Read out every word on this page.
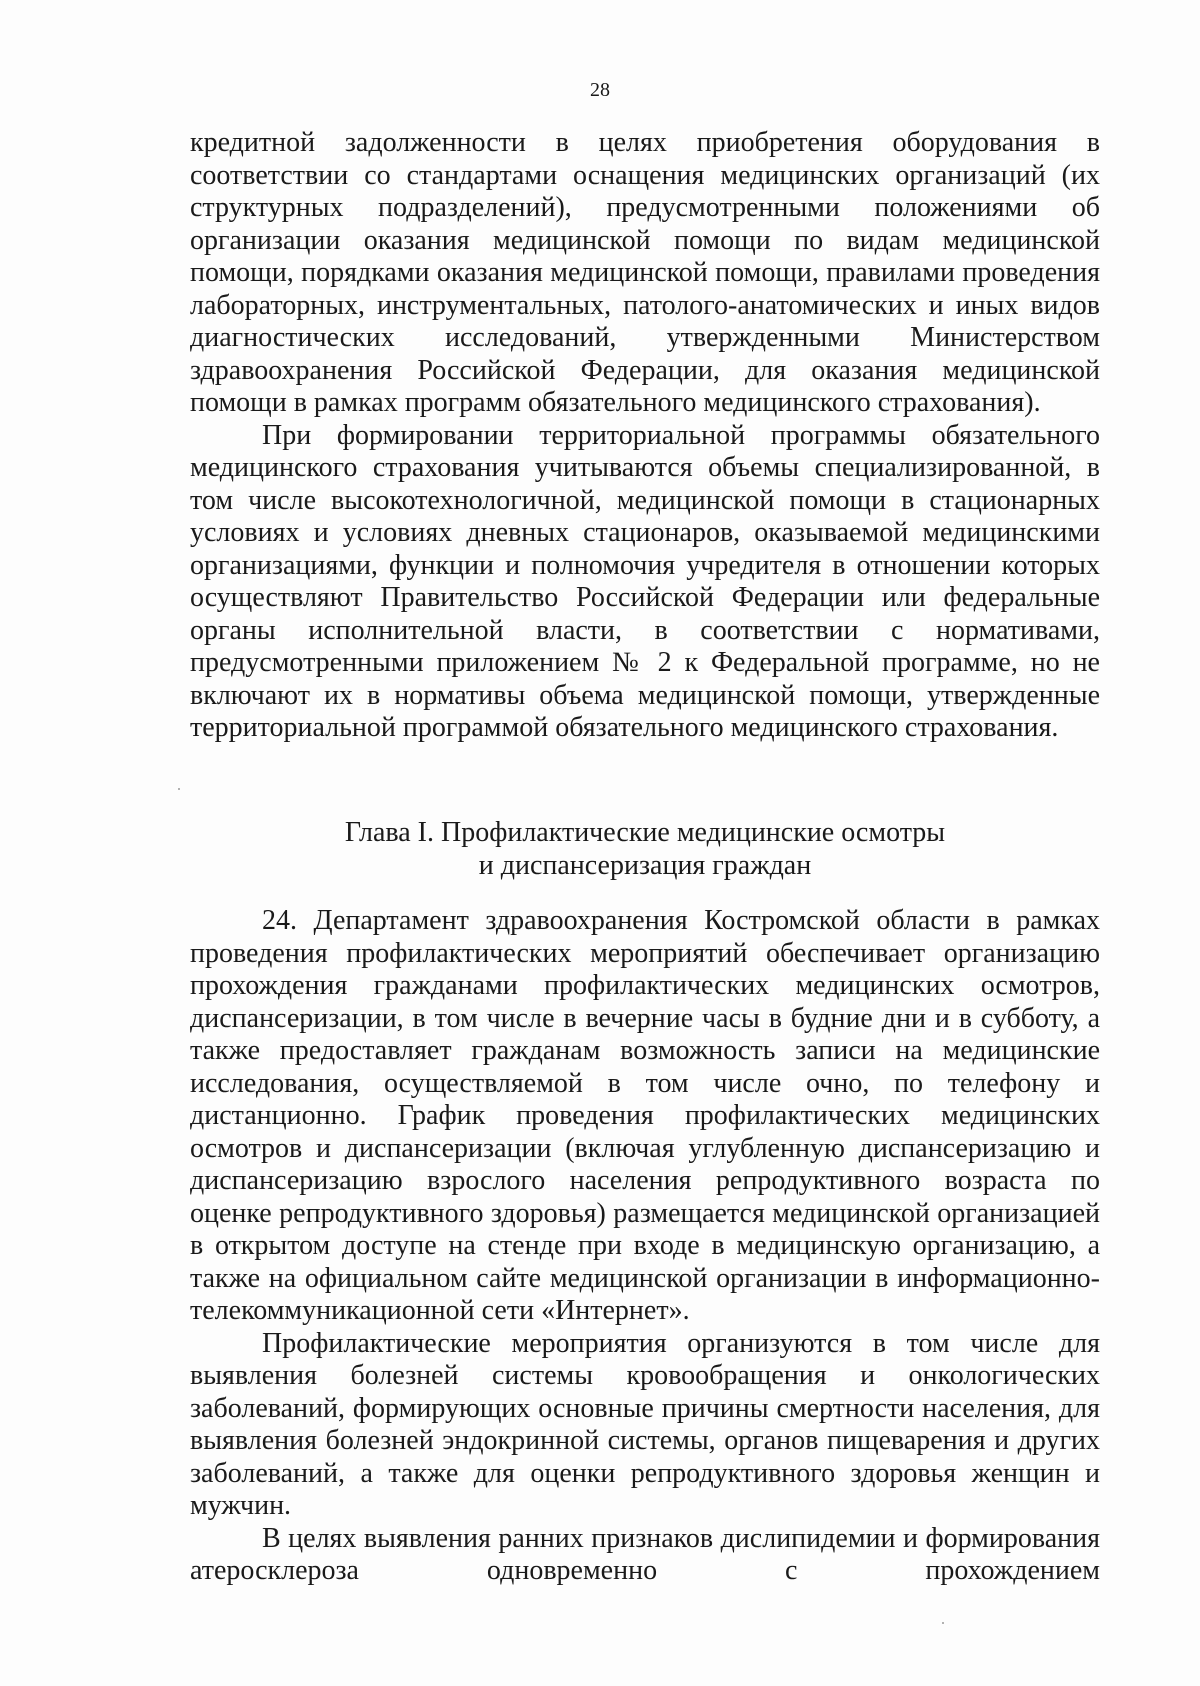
28

кредитной задолженности в целях приобретения оборудования в соответствии со стандартами оснащения медицинских организаций (их структурных подразделений), предусмотренными положениями об организации оказания медицинской помощи по видам медицинской помощи, порядками оказания медицинской помощи, правилами проведения лабораторных, инструментальных, патолого-анатомических и иных видов диагностических исследований, утвержденными Министерством здравоохранения Российской Федерации, для оказания медицинской помощи в рамках программ обязательного медицинского страхования).

При формировании территориальной программы обязательного медицинского страхования учитываются объемы специализированной, в том числе высокотехнологичной, медицинской помощи в стационарных условиях и условиях дневных стационаров, оказываемой медицинскими организациями, функции и полномочия учредителя в отношении которых осуществляют Правительство Российской Федерации или федеральные органы исполнительной власти, в соответствии с нормативами, предусмотренными приложением № 2 к Федеральной программе, но не включают их в нормативы объема медицинской помощи, утвержденные территориальной программой обязательного медицинского страхования.

Глава I. Профилактические медицинские осмотры

и диспансеризация граждан

24. Департамент здравоохранения Костромской области в рамках проведения профилактических мероприятий обеспечивает организацию прохождения гражданами профилактических медицинских осмотров, диспансеризации, в том числе в вечерние часы в будние дни и в субботу, а также предоставляет гражданам возможность записи на медицинские исследования, осуществляемой в том числе очно, по телефону и дистанционно. График проведения профилактических медицинских осмотров и диспансеризации (включая углубленную диспансеризацию и диспансеризацию взрослого населения репродуктивного возраста по оценке репродуктивного здоровья) размещается медицинской организацией в открытом доступе на стенде при входе в медицинскую организацию, а также на официальном сайте медицинской организации в информационно-телекоммуникационной сети «Интернет».

Профилактические мероприятия организуются в том числе для выявления болезней системы кровообращения и онкологических заболеваний, формирующих основные причины смертности населения, для выявления болезней эндокринной системы, органов пищеварения и других заболеваний, а также для оценки репродуктивного здоровья женщин и мужчин.

В целях выявления ранних признаков дислипидемии и формирования атеросклероза одновременно с прохождением
